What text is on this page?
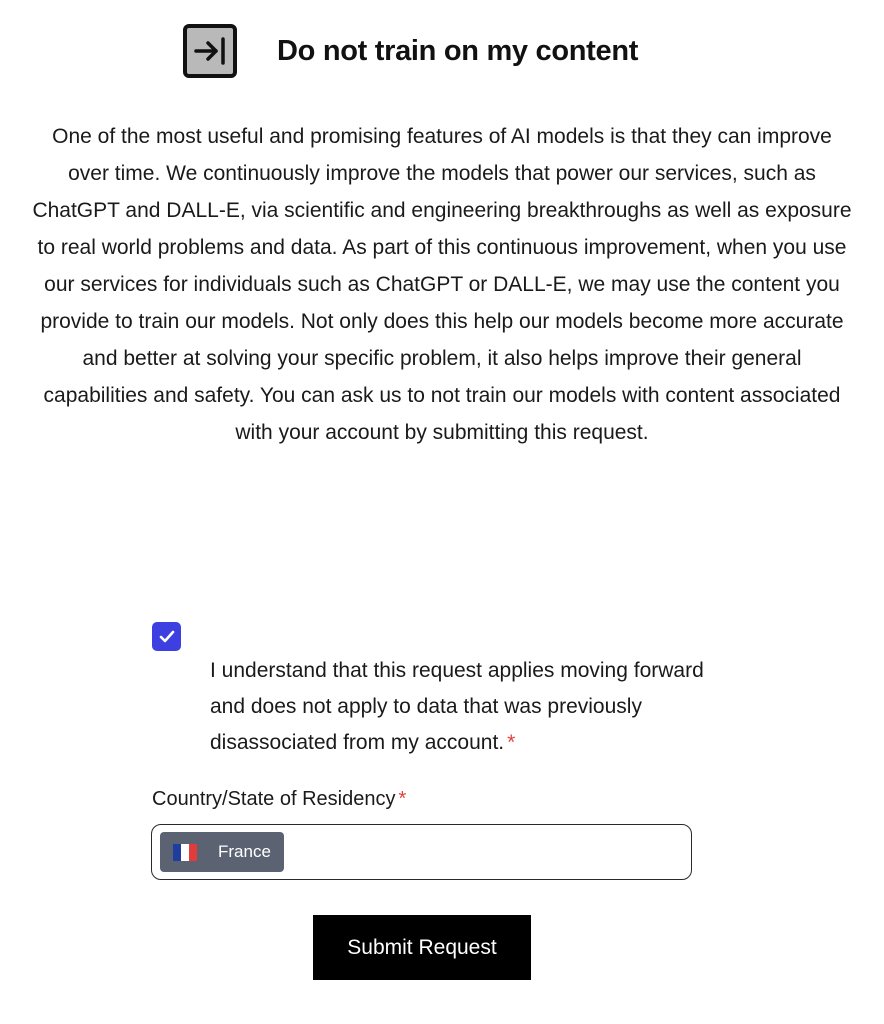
Do not train on my content

One of the most useful and promising features of AI models is that they can improve over time. We continuously improve the models that power our services, such as ChatGPT and DALL-E, via scientific and engineering breakthroughs as well as exposure to real world problems and data. As part of this continuous improvement, when you use our services for individuals such as ChatGPT or DALL-E, we may use the content you provide to train our models. Not only does this help our models become more accurate and better at solving your specific problem, it also helps improve their general capabilities and safety. You can ask us to not train our models with content associated with your account by submitting this request.

I understand that this request applies moving forward and does not apply to data that was previously disassociated from my account. *

Country/State of Residency *
France
Submit Request
